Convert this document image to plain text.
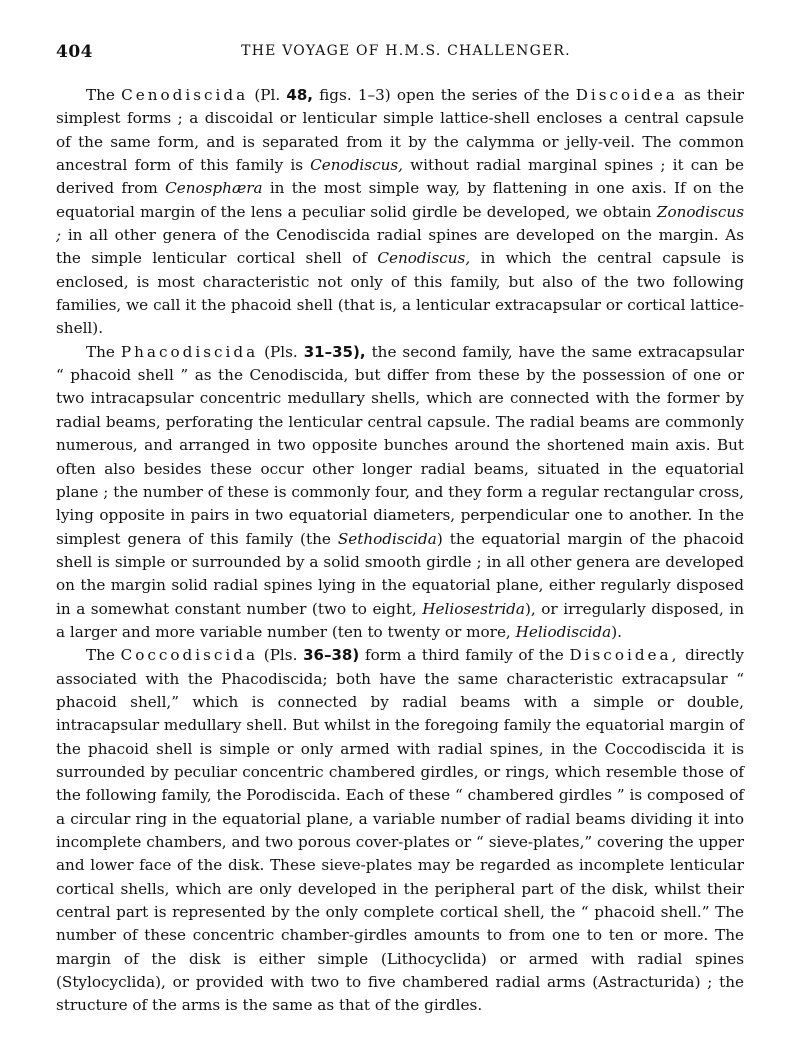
404	THE VOYAGE OF H.M.S. CHALLENGER.

The Cenodiscida (Pl. 48, figs. 1–3) open the series of the Discoidea as their simplest forms ; a discoidal or lenticular simple lattice-shell encloses a central capsule of the same form, and is separated from it by the calymma or jelly-veil. The common ancestral form of this family is Cenodiscus, without radial marginal spines ; it can be derived from Cenosphæra in the most simple way, by flattening in one axis. If on the equatorial margin of the lens a peculiar solid girdle be developed, we obtain Zonodiscus ; in all other genera of the Cenodiscida radial spines are developed on the margin. As the simple lenticular cortical shell of Cenodiscus, in which the central capsule is enclosed, is most characteristic not only of this family, but also of the two following families, we call it the phacoid shell (that is, a lenticular extracapsular or cortical lattice-shell).

The Phacodiscida (Pls. 31–35), the second family, have the same extracapsular “ phacoid shell ” as the Cenodiscida, but differ from these by the possession of one or two intracapsular concentric medullary shells, which are connected with the former by radial beams, perforating the lenticular central capsule. The radial beams are commonly numerous, and arranged in two opposite bunches around the shortened main axis. But often also besides these occur other longer radial beams, situated in the equatorial plane ; the number of these is commonly four, and they form a regular rectangular cross, lying opposite in pairs in two equatorial diameters, perpendicular one to another. In the simplest genera of this family (the Sethodiscida) the equatorial margin of the phacoid shell is simple or surrounded by a solid smooth girdle ; in all other genera are developed on the margin solid radial spines lying in the equatorial plane, either regularly disposed in a somewhat constant number (two to eight, Heliosestrida), or irregularly disposed, in a larger and more variable number (ten to twenty or more, Heliodiscida).

The Coccodiscida (Pls. 36–38) form a third family of the Discoidea, directly associated with the Phacodiscida; both have the same characteristic extracapsular “ phacoid shell,” which is connected by radial beams with a simple or double, intracapsular medullary shell. But whilst in the foregoing family the equatorial margin of the phacoid shell is simple or only armed with radial spines, in the Coccodiscida it is surrounded by peculiar concentric chambered girdles, or rings, which resemble those of the following family, the Porodiscida. Each of these “ chambered girdles ” is composed of a circular ring in the equatorial plane, a variable number of radial beams dividing it into incomplete chambers, and two porous cover-plates or “ sieve-plates,” covering the upper and lower face of the disk. These sieve-plates may be regarded as incomplete lenticular cortical shells, which are only developed in the peripheral part of the disk, whilst their central part is represented by the only complete cortical shell, the “ phacoid shell.” The number of these concentric chamber-girdles amounts to from one to ten or more. The margin of the disk is either simple (Lithocyclida) or armed with radial spines (Stylocyclida), or provided with two to five chambered radial arms (Astracturida) ; the structure of the arms is the same as that of the girdles.
